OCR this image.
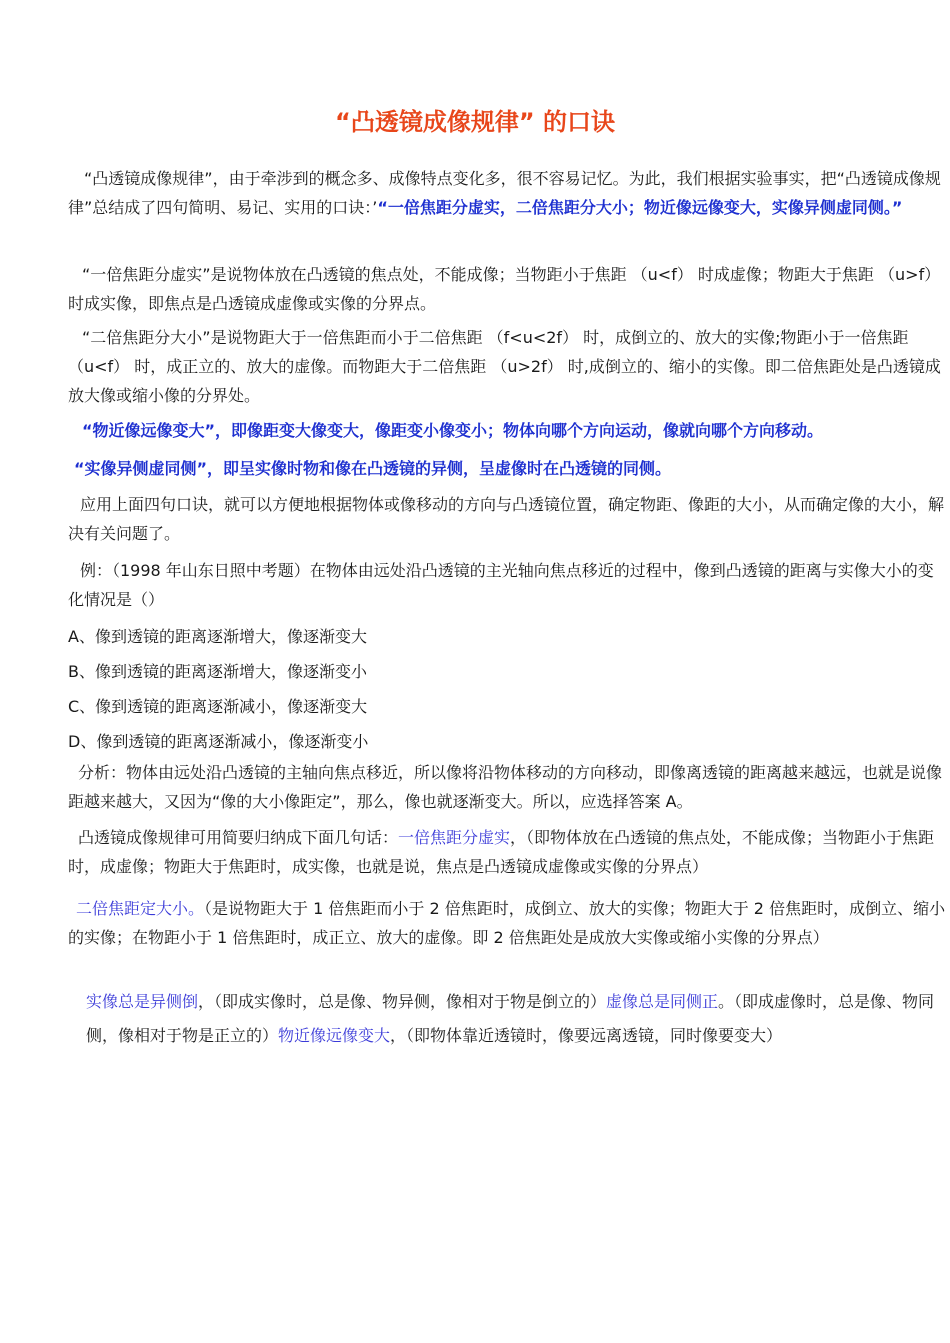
“凸透镜成像规律” 的口诀

“凸透镜成像规律”，由于牵涉到的概念多、成像特点变化多，很不容易记忆。为此，我们根据实验事实，把“凸透镜成像规律”总结成了四句简明、易记、实用的口诀：’“一倍焦距分虚实，二倍焦距分大小；物近像远像变大，实像异侧虚同侧。”

“一倍焦距分虚实”是说物体放在凸透镜的焦点处，不能成像；当物距小于焦距 （u<f） 时成虚像；物距大于焦距 （u>f） 时成实像，即焦点是凸透镜成虚像或实像的分界点。

“二倍焦距分大小”是说物距大于一倍焦距而小于二倍焦距 （f<u<2f） 时，成倒立的、放大的实像;物距小于一倍焦距 （u<f） 时，成正立的、放大的虚像。而物距大于二倍焦距 （u>2f） 时,成倒立的、缩小的实像。即二倍焦距处是凸透镜成放大像或缩小像的分界处。

“物近像远像变大”，即像距变大像变大，像距变小像变小；物体向哪个方向运动，像就向哪个方向移动。

“实像异侧虚同侧”，即呈实像时物和像在凸透镜的异侧，呈虚像时在凸透镜的同侧。

应用上面四句口诀，就可以方便地根据物体或像移动的方向与凸透镜位置，确定物距、像距的大小，从而确定像的大小，解决有关问题了。

例：（1998 年山东日照中考题）在物体由远处沿凸透镜的主光轴向焦点移近的过程中，像到凸透镜的距离与实像大小的变化情况是（）

A、像到透镜的距离逐渐增大，像逐渐变大

B、像到透镜的距离逐渐增大，像逐渐变小

C、像到透镜的距离逐渐减小，像逐渐变大

D、像到透镜的距离逐渐减小，像逐渐变小

分析：物体由远处沿凸透镜的主轴向焦点移近，所以像将沿物体移动的方向移动，即像离透镜的距离越来越远，也就是说像距越来越大，又因为“像的大小像距定”，那么，像也就逐渐变大。所以，应选择答案 A。

凸透镜成像规律可用简要归纳成下面几句话：一倍焦距分虚实，（即物体放在凸透镜的焦点处，不能成像；当物距小于焦距时，成虚像；物距大于焦距时，成实像，也就是说，焦点是凸透镜成虚像或实像的分界点）

二倍焦距定大小。（是说物距大于 1 倍焦距而小于 2 倍焦距时，成倒立、放大的实像；物距大于 2 倍焦距时，成倒立、缩小的实像；在物距小于 1 倍焦距时，成正立、放大的虚像。即 2 倍焦距处是成放大实像或缩小实像的分界点）

实像总是异侧倒，（即成实像时，总是像、物异侧，像相对于物是倒立的）虚像总是同侧正。（即成虚像时，总是像、物同侧，像相对于物是正立的）物近像远像变大，（即物体靠近透镜时，像要远离透镜，同时像要变大）
